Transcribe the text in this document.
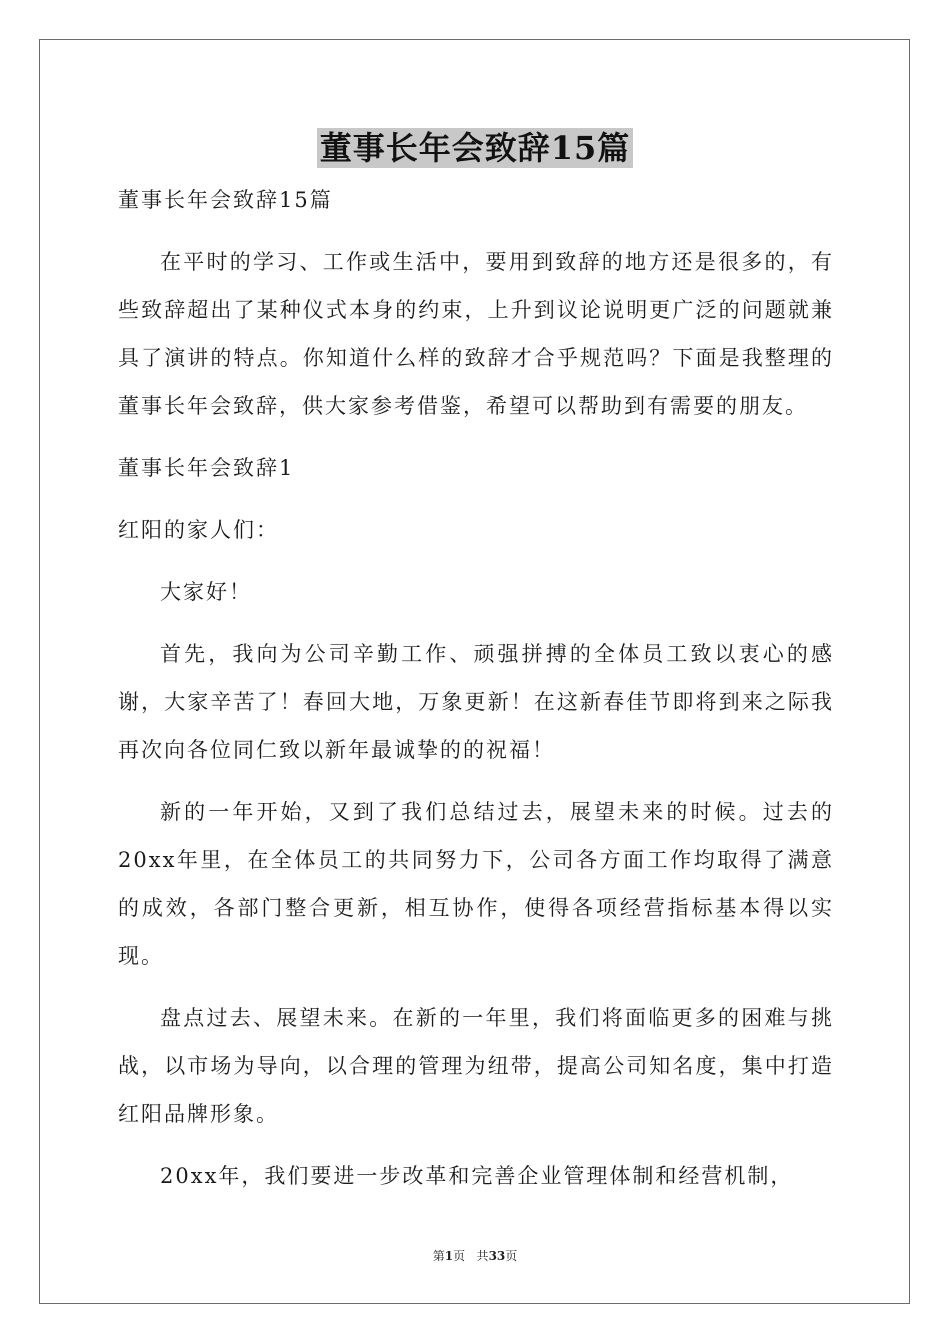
董事长年会致辞15篇

董事长年会致辞15篇

在平时的学习、工作或生活中，要用到致辞的地方还是很多的，有些致辞超出了某种仪式本身的约束，上升到议论说明更广泛的问题就兼具了演讲的特点。你知道什么样的致辞才合乎规范吗？下面是我整理的董事长年会致辞，供大家参考借鉴，希望可以帮助到有需要的朋友。

董事长年会致辞1

红阳的家人们：

大家好！

首先，我向为公司辛勤工作、顽强拼搏的全体员工致以衷心的感谢，大家辛苦了！春回大地，万象更新！在这新春佳节即将到来之际我再次向各位同仁致以新年最诚挚的的祝福！

新的一年开始，又到了我们总结过去，展望未来的时候。过去的20xx年里，在全体员工的共同努力下，公司各方面工作均取得了满意的成效，各部门整合更新，相互协作，使得各项经营指标基本得以实现。

盘点过去、展望未来。在新的一年里，我们将面临更多的困难与挑战，以市场为导向，以合理的管理为纽带，提高公司知名度，集中打造红阳品牌形象。

20xx年，我们要进一步改革和完善企业管理体制和经营机制，

第1页 共33页
